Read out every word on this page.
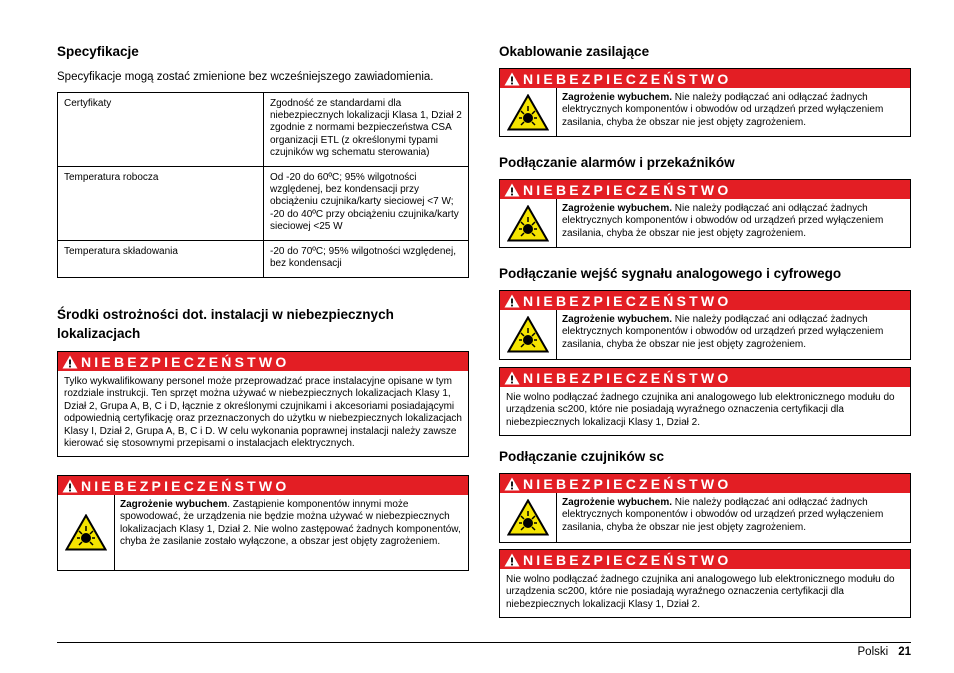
Specyfikacje

Specyfikacje mogą zostać zmienione bez wcześniejszego zawiadomienia.

Certyfikaty	Zgodność ze standardami dla niebezpiecznych lokalizacji Klasa 1, Dział 2 zgodnie z normami bezpieczeństwa CSA organizacji ETL (z określonymi typami czujników wg schematu sterowania)
Temperatura robocza	Od -20 do 60ºC; 95% wilgotności względenej, bez kondensacji przy obciążeniu czujnika/karty sieciowej <7 W; -20 do 40ºC przy obciążeniu czujnika/karty sieciowej <25 W
Temperatura składowania	-20 do 70ºC; 95% wilgotności względenej, bez kondensacji
Środki ostrożności dot. instalacji w niebezpiecznych lokalizacjach
NIEBEZPIECZEŃSTWO
Tylko wykwalifikowany personel może przeprowadzać prace instalacyjne opisane w tym rozdziale instrukcji. Ten sprzęt można używać w niebezpiecznych lokalizacjach Klasy 1, Dział 2, Grupa A, B, C i D, łącznie z określonymi czujnikami i akcesoriami posiadającymi odpowiednią certyfikację oraz przeznaczonych do użytku w niebezpiecznych lokalizacjach Klasy I, Dział 2, Grupa A, B, C i D. W celu wykonania poprawnej instalacji należy zawsze kierować się stosownymi przepisami o instalacjach elektrycznych.
NIEBEZPIECZEŃSTWO
Zagrożenie wybuchem. Zastąpienie komponentów innymi może spowodować, że urządzenia nie będzie można używać w niebezpiecznych lokalizacjach Klasy 1, Dział 2. Nie wolno zastępować żadnych komponentów, chyba że zasilanie zostało wyłączone, a obszar jest objęty zagrożeniem.
Okablowanie zasilające
NIEBEZPIECZEŃSTWO
Zagrożenie wybuchem. Nie należy podłączać ani odłączać żadnych elektrycznych komponentów i obwodów od urządzeń przed wyłączeniem zasilania, chyba że obszar nie jest objęty zagrożeniem.
Podłączanie alarmów i przekaźników
NIEBEZPIECZEŃSTWO
Zagrożenie wybuchem. Nie należy podłączać ani odłączać żadnych elektrycznych komponentów i obwodów od urządzeń przed wyłączeniem zasilania, chyba że obszar nie jest objęty zagrożeniem.
Podłączanie wejść sygnału analogowego i cyfrowego
NIEBEZPIECZEŃSTWO
Zagrożenie wybuchem. Nie należy podłączać ani odłączać żadnych elektrycznych komponentów i obwodów od urządzeń przed wyłączeniem zasilania, chyba że obszar nie jest objęty zagrożeniem.
NIEBEZPIECZEŃSTWO
Nie wolno podłączać żadnego czujnika ani analogowego lub elektronicznego modułu do urządzenia sc200, które nie posiadają wyraźnego oznaczenia certyfikacji dla niebezpiecznych lokalizacji Klasy 1, Dział 2.
Podłączanie czujników sc
NIEBEZPIECZEŃSTWO
Zagrożenie wybuchem. Nie należy podłączać ani odłączać żadnych elektrycznych komponentów i obwodów od urządzeń przed wyłączeniem zasilania, chyba że obszar nie jest objęty zagrożeniem.
NIEBEZPIECZEŃSTWO
Nie wolno podłączać żadnego czujnika ani analogowego lub elektronicznego modułu do urządzenia sc200, które nie posiadają wyraźnego oznaczenia certyfikacji dla niebezpiecznych lokalizacji Klasy 1, Dział 2.
Polski 21
